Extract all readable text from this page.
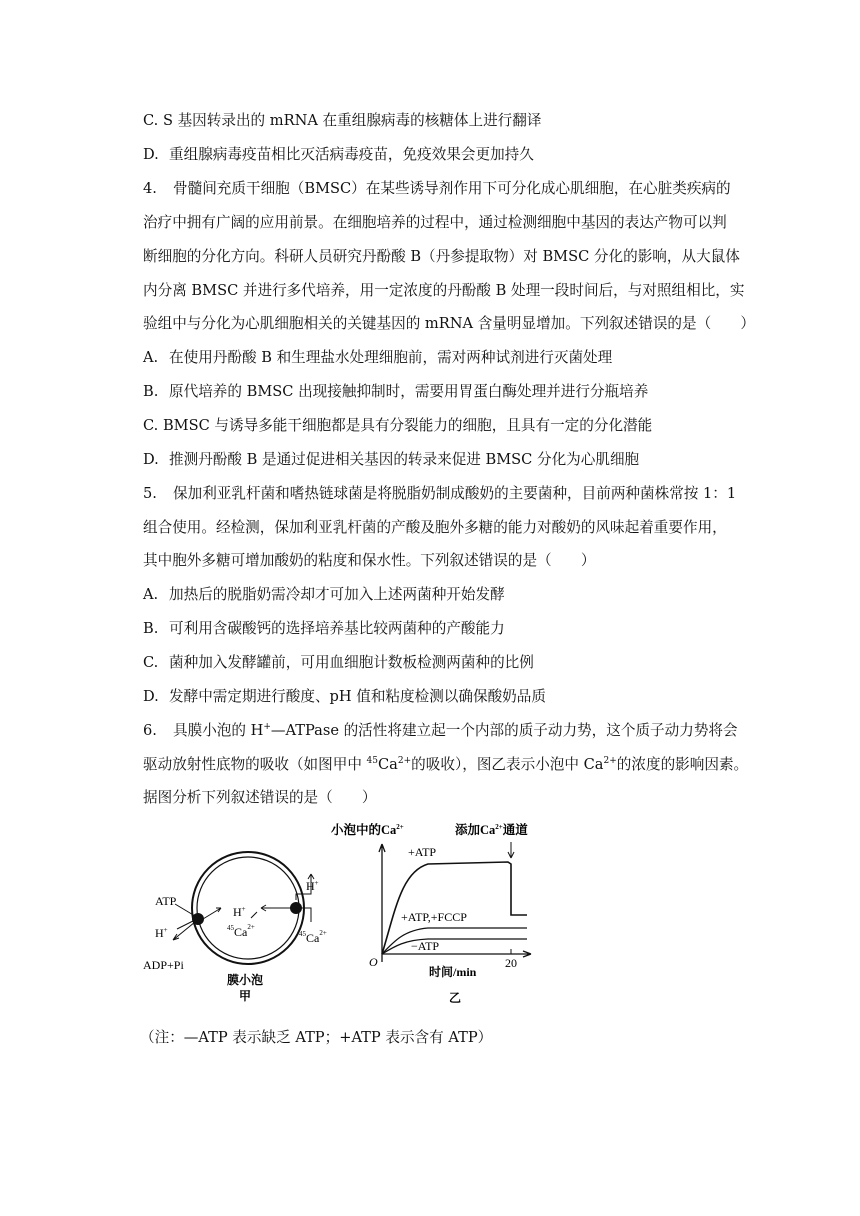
C. S 基因转录出的 mRNA 在重组腺病毒的核糖体上进行翻译
D. 重组腺病毒疫苗相比灭活病毒疫苗，免疫效果会更加持久
4. 骨髓间充质干细胞（BMSC）在某些诱导剂作用下可分化成心肌细胞，在心脏类疾病的
治疗中拥有广阔的应用前景。在细胞培养的过程中，通过检测细胞中基因的表达产物可以判
断细胞的分化方向。科研人员研究丹酚酸 B（丹参提取物）对 BMSC 分化的影响，从大鼠体
内分离 BMSC 并进行多代培养，用一定浓度的丹酚酸 B 处理一段时间后，与对照组相比，实
验组中与分化为心肌细胞相关的关键基因的 mRNA 含量明显增加。下列叙述错误的是（　　）
A. 在使用丹酚酸 B 和生理盐水处理细胞前，需对两种试剂进行灭菌处理
B. 原代培养的 BMSC 出现接触抑制时，需要用胃蛋白酶处理并进行分瓶培养
C. BMSC 与诱导多能干细胞都是具有分裂能力的细胞，且具有一定的分化潜能
D. 推测丹酚酸 B 是通过促进相关基因的转录来促进 BMSC 分化为心肌细胞
5. 保加利亚乳杆菌和嗜热链球菌是将脱脂奶制成酸奶的主要菌种，目前两种菌株常按 1：1
组合使用。经检测，保加利亚乳杆菌的产酸及胞外多糖的能力对酸奶的风味起着重要作用，
其中胞外多糖可增加酸奶的粘度和保水性。下列叙述错误的是（　　）
A. 加热后的脱脂奶需冷却才可加入上述两菌种开始发酵
B. 可利用含碳酸钙的选择培养基比较两菌种的产酸能力
C. 菌种加入发酵罐前，可用血细胞计数板检测两菌种的比例
D. 发酵中需定期进行酸度、pH 值和粘度检测以确保酸奶品质
6. 具膜小泡的 H+—ATPase 的活性将建立起一个内部的质子动力势，这个质子动力势将会
驱动放射性底物的吸收（如图甲中 $^{45}Ca^{2+}$的吸收），图乙表示小泡中 $Ca^{2+}$的浓度的影响因素。
据图分析下列叙述错误的是（　　）
ATP
H+
ADP+Pi
H+
$^{45}Ca^{2+}$
H+
$^{45}Ca^{2+}$
膜小泡
甲
小泡中的$Ca^{2+}$	添加$Ca^{2+}$通道
+ATP
+ATP,+FCCP
−ATP
O	20
时间/min
乙
（注：—ATP 表示缺乏 ATP；+ATP 表示含有 ATP）
